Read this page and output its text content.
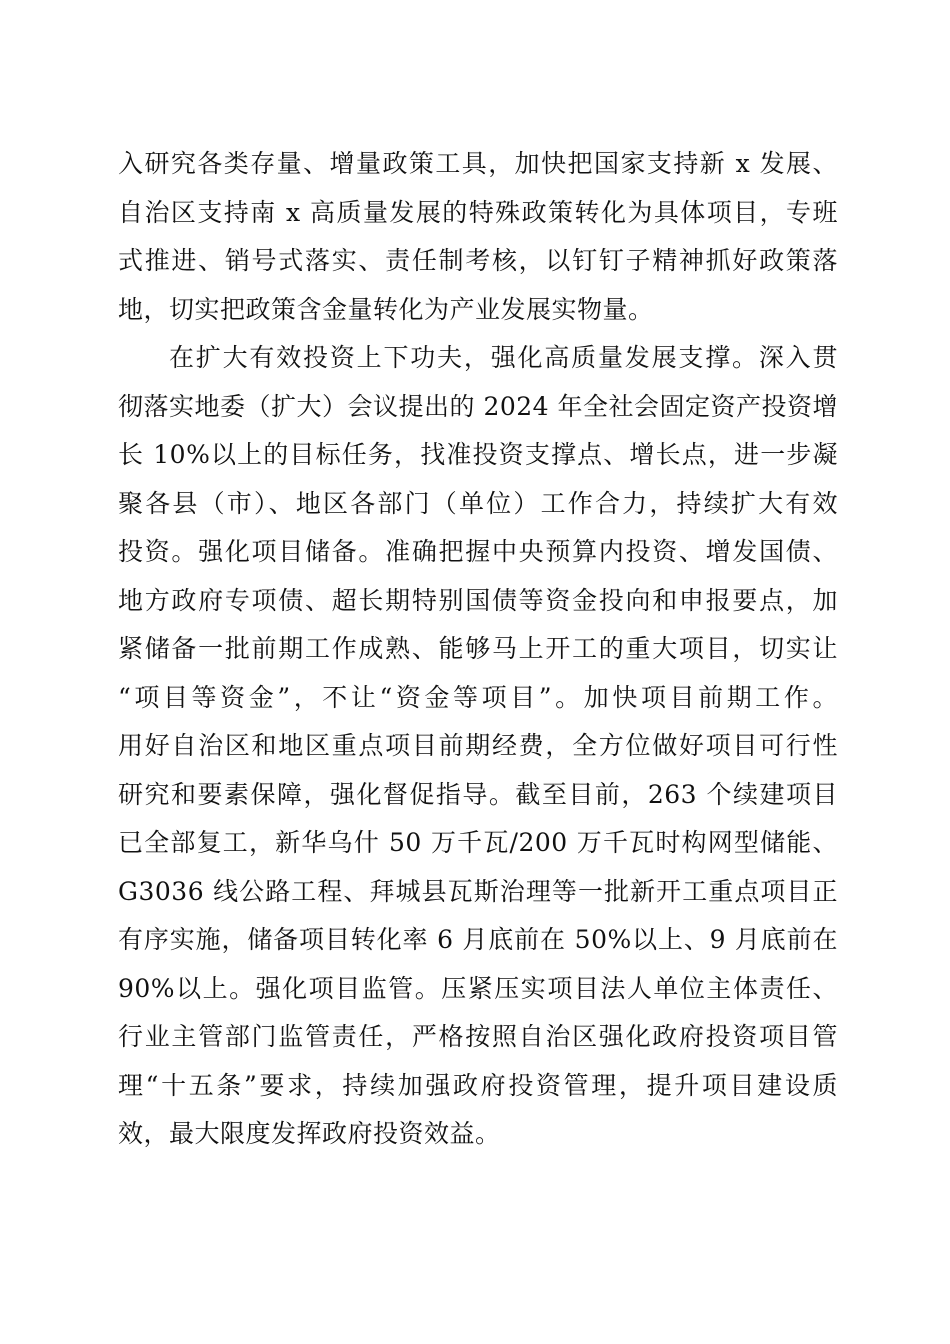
入研究各类存量、增量政策工具，加快把国家支持新 x 发展、
自治区支持南 x 高质量发展的特殊政策转化为具体项目，专班
式推进、销号式落实、责任制考核，以钉钉子精神抓好政策落
地，切实把政策含金量转化为产业发展实物量。
在扩大有效投资上下功夫，强化高质量发展支撑。深入贯
彻落实地委（扩大）会议提出的 2024 年全社会固定资产投资增
长 10%以上的目标任务，找准投资支撑点、增长点，进一步凝
聚各县（市）、地区各部门（单位）工作合力，持续扩大有效
投资。强化项目储备。准确把握中央预算内投资、增发国债、
地方政府专项债、超长期特别国债等资金投向和申报要点，加
紧储备一批前期工作成熟、能够马上开工的重大项目，切实让
“项目等资金”，不让“资金等项目”。加快项目前期工作。
用好自治区和地区重点项目前期经费，全方位做好项目可行性
研究和要素保障，强化督促指导。截至目前，263 个续建项目
已全部复工，新华乌什 50 万千瓦/200 万千瓦时构网型储能、
G3036 线公路工程、拜城县瓦斯治理等一批新开工重点项目正
有序实施，储备项目转化率 6 月底前在 50%以上、9 月底前在
90%以上。强化项目监管。压紧压实项目法人单位主体责任、
行业主管部门监管责任，严格按照自治区强化政府投资项目管
理“十五条”要求，持续加强政府投资管理，提升项目建设质
效，最大限度发挥政府投资效益。
